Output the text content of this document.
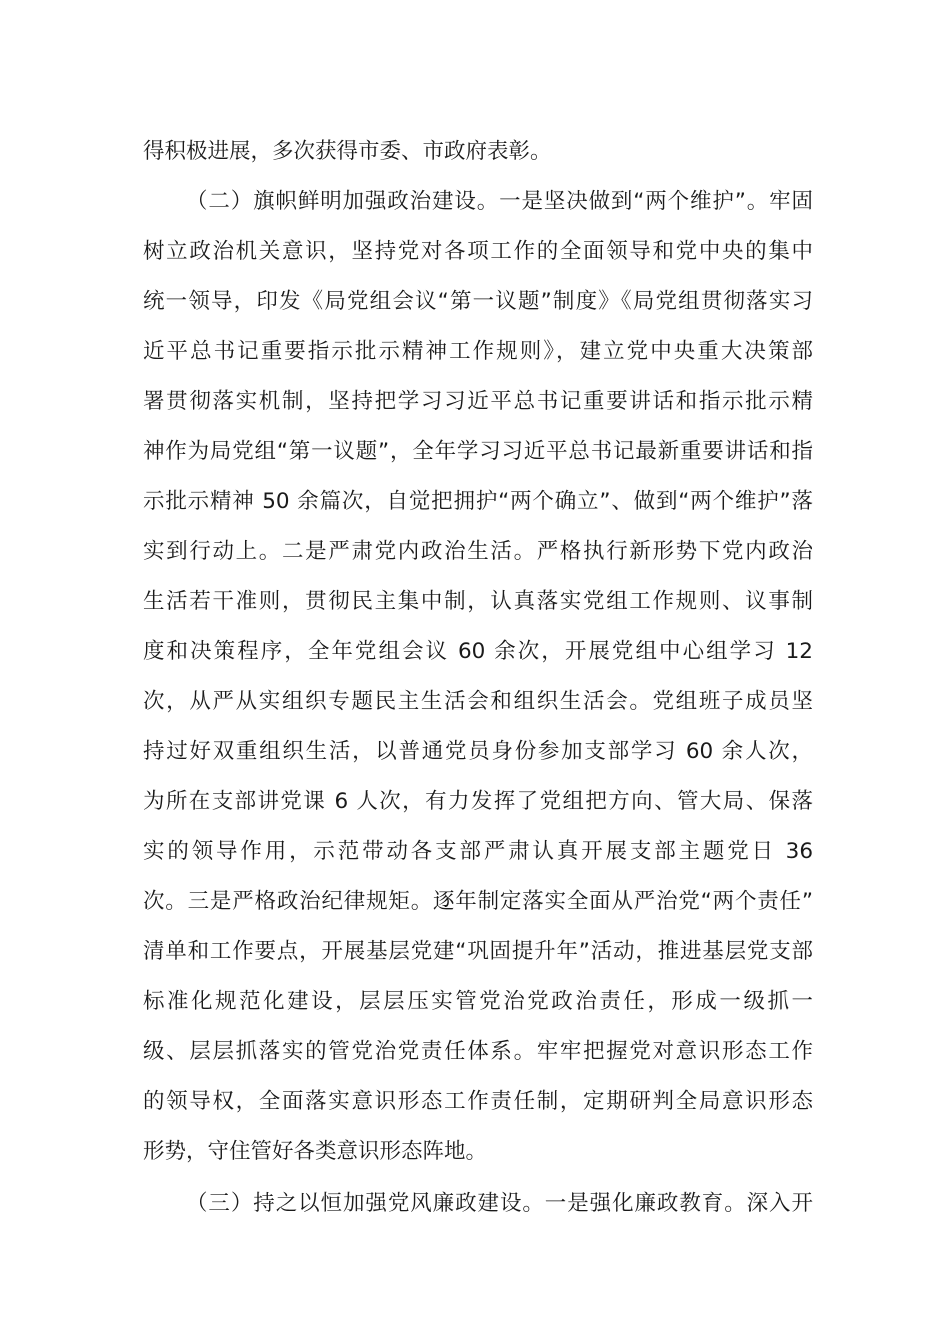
得积极进展，多次获得市委、市政府表彰。
（二）旗帜鲜明加强政治建设。一是坚决做到“两个维护”。牢固
树立政治机关意识，坚持党对各项工作的全面领导和党中央的集中
统一领导，印发《局党组会议“第一议题”制度》《局党组贯彻落实习
近平总书记重要指示批示精神工作规则》，建立党中央重大决策部
署贯彻落实机制，坚持把学习习近平总书记重要讲话和指示批示精
神作为局党组“第一议题”，全年学习习近平总书记最新重要讲话和指
示批示精神 50 余篇次，自觉把拥护“两个确立”、做到“两个维护”落
实到行动上。二是严肃党内政治生活。严格执行新形势下党内政治
生活若干准则，贯彻民主集中制，认真落实党组工作规则、议事制
度和决策程序，全年党组会议 60 余次，开展党组中心组学习 12
次，从严从实组织专题民主生活会和组织生活会。党组班子成员坚
持过好双重组织生活，以普通党员身份参加支部学习 60 余人次，
为所在支部讲党课 6 人次，有力发挥了党组把方向、管大局、保落
实的领导作用，示范带动各支部严肃认真开展支部主题党日 36
次。三是严格政治纪律规矩。逐年制定落实全面从严治党“两个责任”
清单和工作要点，开展基层党建“巩固提升年”活动，推进基层党支部
标准化规范化建设，层层压实管党治党政治责任，形成一级抓一
级、层层抓落实的管党治党责任体系。牢牢把握党对意识形态工作
的领导权，全面落实意识形态工作责任制，定期研判全局意识形态
形势，守住管好各类意识形态阵地。
（三）持之以恒加强党风廉政建设。一是强化廉政教育。深入开
